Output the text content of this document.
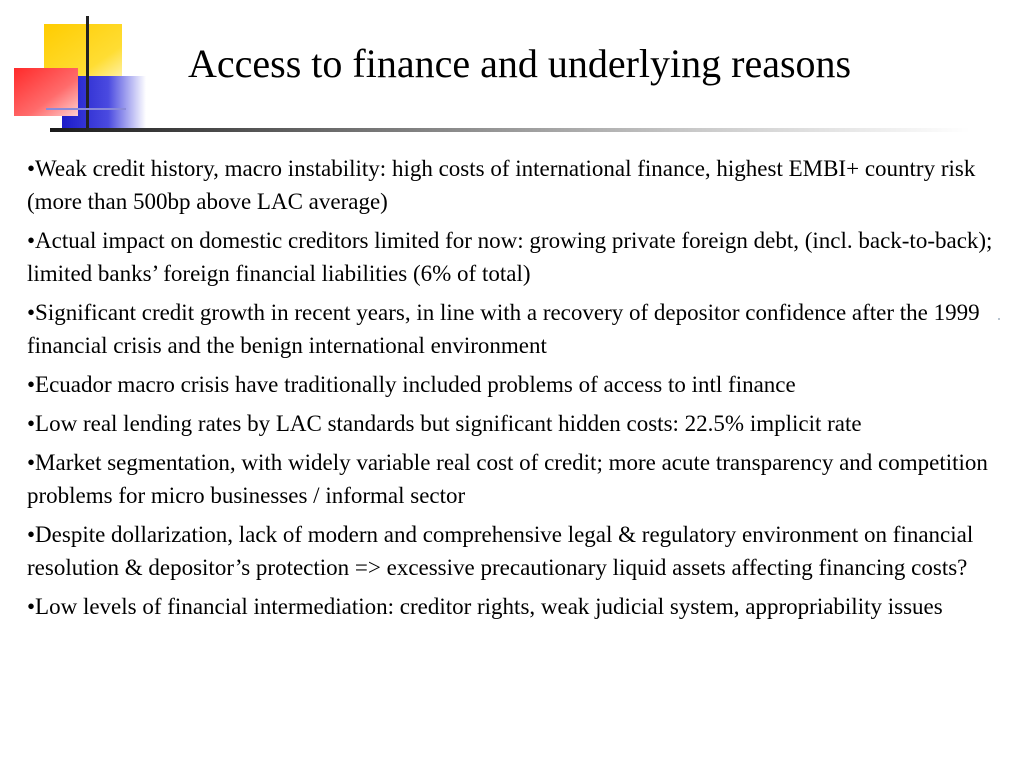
Access to finance and underlying reasons
•Weak credit history, macro instability: high costs of international finance, highest EMBI+ country risk (more than 500bp above LAC average)
•Actual impact on domestic creditors limited for now: growing private foreign debt, (incl. back-to-back); limited banks’ foreign financial liabilities (6% of total)
•Significant credit growth in recent years, in line with a recovery of depositor confidence after the 1999 financial crisis and the benign international environment
•Ecuador macro crisis have traditionally included problems of access to intl finance
•Low real lending rates by LAC standards but significant hidden costs: 22.5% implicit rate
•Market segmentation, with widely variable real cost of credit; more acute transparency and competition problems for micro businesses / informal sector
•Despite dollarization, lack of modern and comprehensive legal & regulatory environment on financial resolution & depositor’s protection => excessive precautionary liquid assets affecting financing costs?
•Low levels of financial intermediation: creditor rights, weak judicial system, appropriability issues
